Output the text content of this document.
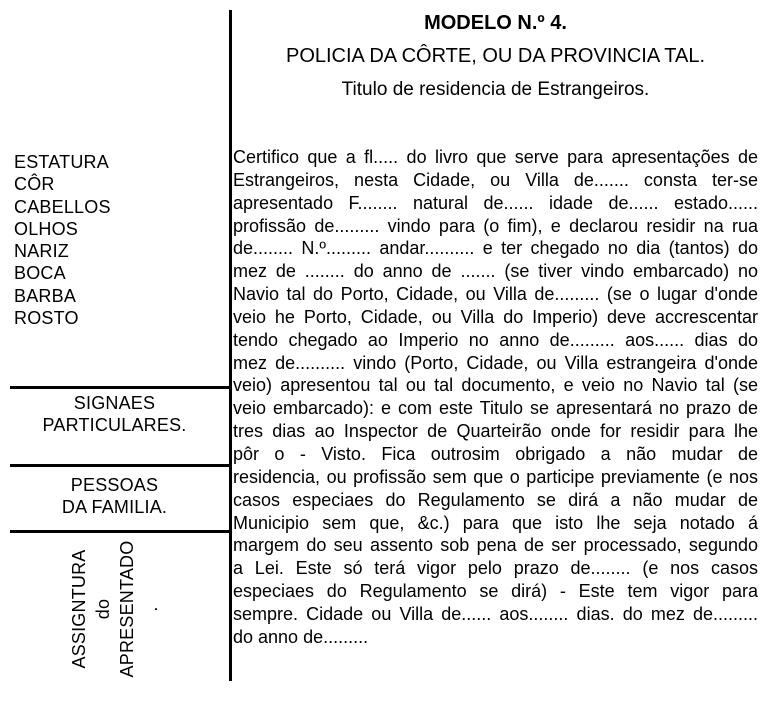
ESTATURA
CÔR
CABELLOS
OLHOS
NARIZ
BOCA
BARBA
ROSTO
SIGNAES
PARTICULARES.
PESSOAS
DA FAMILIA.
ASSIGNTURA do APRESENTADO .
MODELO N.º 4.
POLICIA DA CÔRTE, OU DA PROVINCIA TAL.
Titulo de residencia de Estrangeiros.
Certifico que a fl..... do livro que serve para apresentações de
Estrangeiros, nesta Cidade, ou Villa de....... consta ter-se
apresentado F........ natural de...... idade de...... estado......
profissão de......... vindo para (o fim), e declarou residir na rua
de........ N.º......... andar.......... e ter chegado no dia (tantos) do
mez de ........ do anno de ....... (se tiver vindo embarcado) no
Navio tal do Porto, Cidade, ou Villa de......... (se o lugar d'onde
veio he Porto, Cidade, ou Villa do Imperio) deve accrescentar
tendo chegado ao Imperio no anno de......... aos...... dias do
mez de.......... vindo (Porto, Cidade, ou Villa estrangeira d'onde
veio) apresentou tal ou tal documento, e veio no Navio tal (se
veio embarcado): e com este Titulo se apresentará no prazo de
tres dias ao Inspector de Quarteirão onde for residir para lhe
pôr o - Visto. Fica outrosim obrigado a não mudar de
residencia, ou profissão sem que o participe previamente (e nos
casos especiaes do Regulamento se dirá a não mudar de
Municipio sem que, &c.) para que isto lhe seja notado á
margem do seu assento sob pena de ser processado, segundo
a Lei. Este só terá vigor pelo prazo de........ (e nos casos
especiaes do Regulamento se dirá) - Este tem vigor para
sempre. Cidade ou Villa de...... aos........ dias. do mez de.........
do anno de.........
